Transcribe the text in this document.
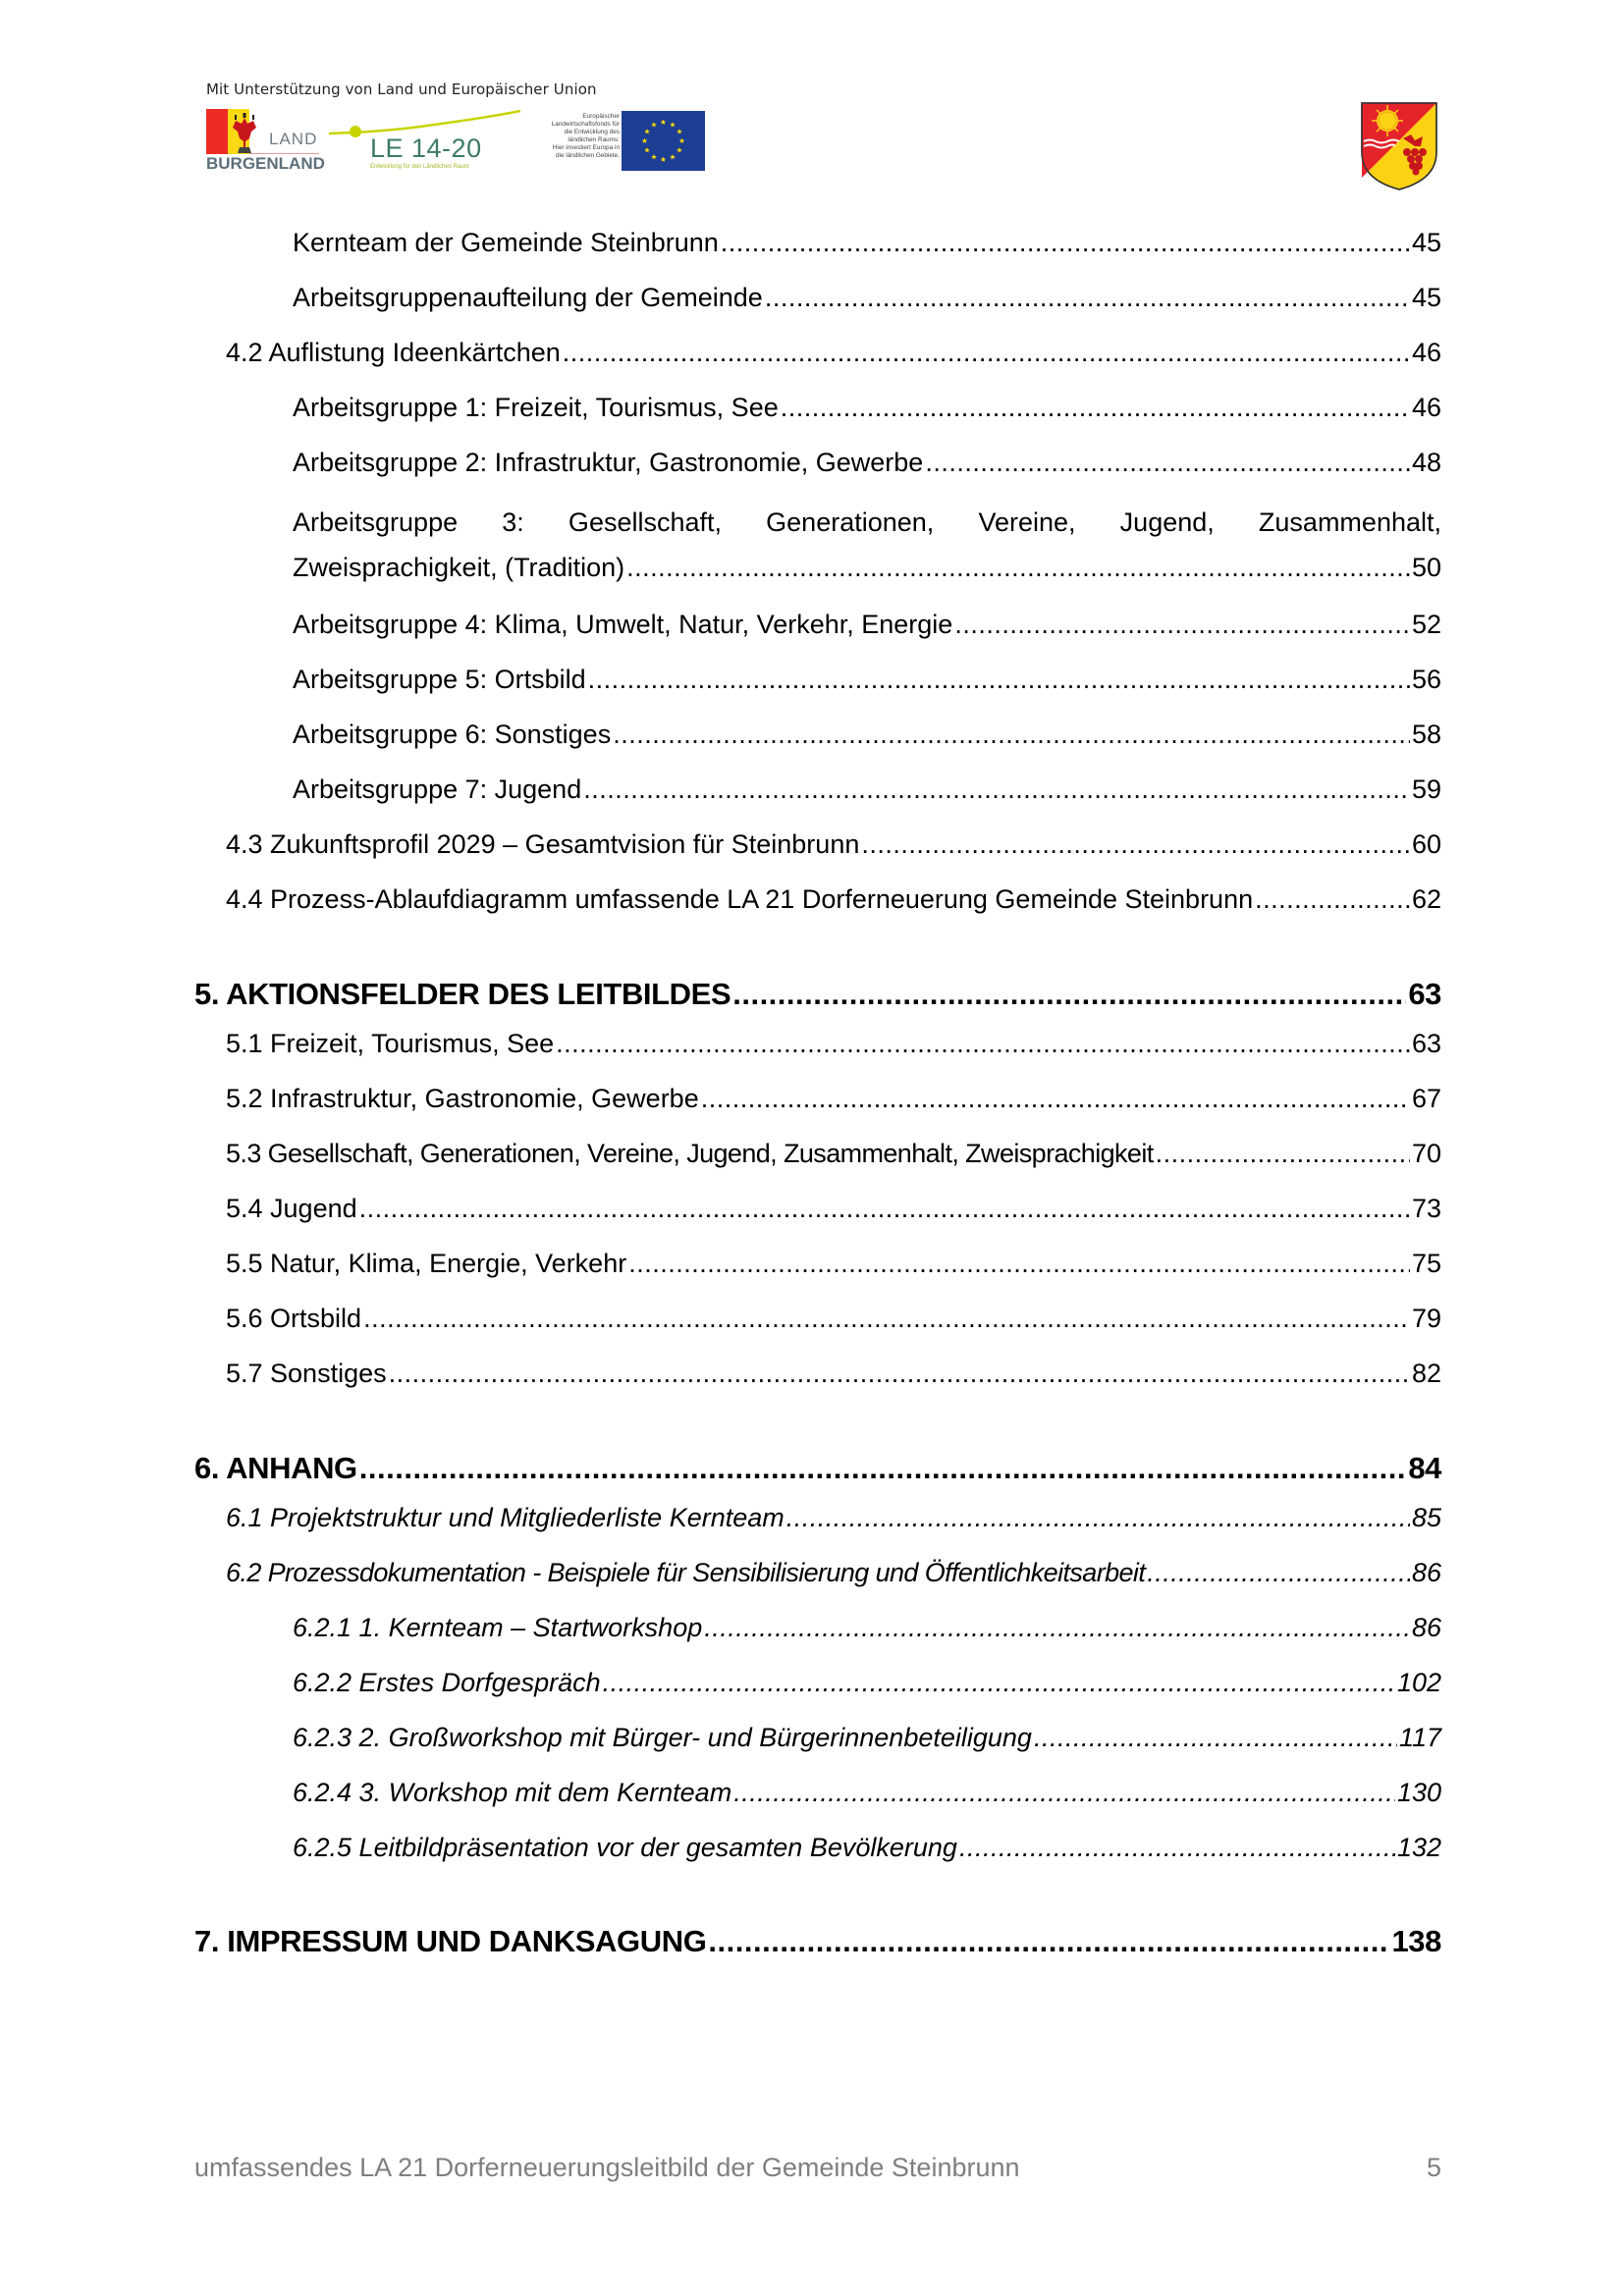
Mit Unterstützung von Land und Europäischer Union
LAND
BURGENLAND
LE 14-20
Entwicklung für den Ländlichen Raum
Europäischer
Landwirtschaftsfonds für
die Entwicklung des
ländlichen Raums:
Hier investiert Europa in
die ländlichen Gebiete.
Kernteam der Gemeinde Steinbrunn .....	45
Arbeitsgruppenaufteilung der Gemeinde .....	45
4.2 Auflistung Ideenkärtchen .....	46
Arbeitsgruppe 1: Freizeit, Tourismus, See .....	46
Arbeitsgruppe 2: Infrastruktur, Gastronomie, Gewerbe .....	48
Arbeitsgruppe 3: Gesellschaft, Generationen, Vereine, Jugend, Zusammenhalt,
Zweisprachigkeit, (Tradition) .....	50
Arbeitsgruppe 4: Klima, Umwelt, Natur, Verkehr, Energie .....	52
Arbeitsgruppe 5: Ortsbild .....	56
Arbeitsgruppe 6: Sonstiges .....	58
Arbeitsgruppe 7: Jugend .....	59
4.3 Zukunftsprofil 2029 – Gesamtvision für Steinbrunn .....	60
4.4 Prozess-Ablaufdiagramm umfassende LA 21 Dorferneuerung Gemeinde Steinbrunn .....	62
5. AKTIONSFELDER DES LEITBILDES .....	63
5.1 Freizeit, Tourismus, See .....	63
5.2 Infrastruktur, Gastronomie, Gewerbe .....	67
5.3 Gesellschaft, Generationen, Vereine, Jugend, Zusammenhalt, Zweisprachigkeit .....	70
5.4 Jugend .....	73
5.5 Natur, Klima, Energie, Verkehr .....	75
5.6 Ortsbild .....	79
5.7 Sonstiges .....	82
6. ANHANG .....	84
6.1 Projektstruktur und Mitgliederliste Kernteam .....	85
6.2 Prozessdokumentation - Beispiele für Sensibilisierung und Öffentlichkeitsarbeit .....	86
6.2.1 1. Kernteam – Startworkshop .....	86
6.2.2 Erstes Dorfgespräch .....	102
6.2.3 2. Großworkshop mit Bürger- und Bürgerinnenbeteiligung .....	117
6.2.4 3. Workshop mit dem Kernteam .....	130
6.2.5 Leitbildpräsentation vor der gesamten Bevölkerung .....	132
7. IMPRESSUM UND DANKSAGUNG .....	138
umfassendes LA 21 Dorferneuerungsleitbild der Gemeinde Steinbrunn	5
